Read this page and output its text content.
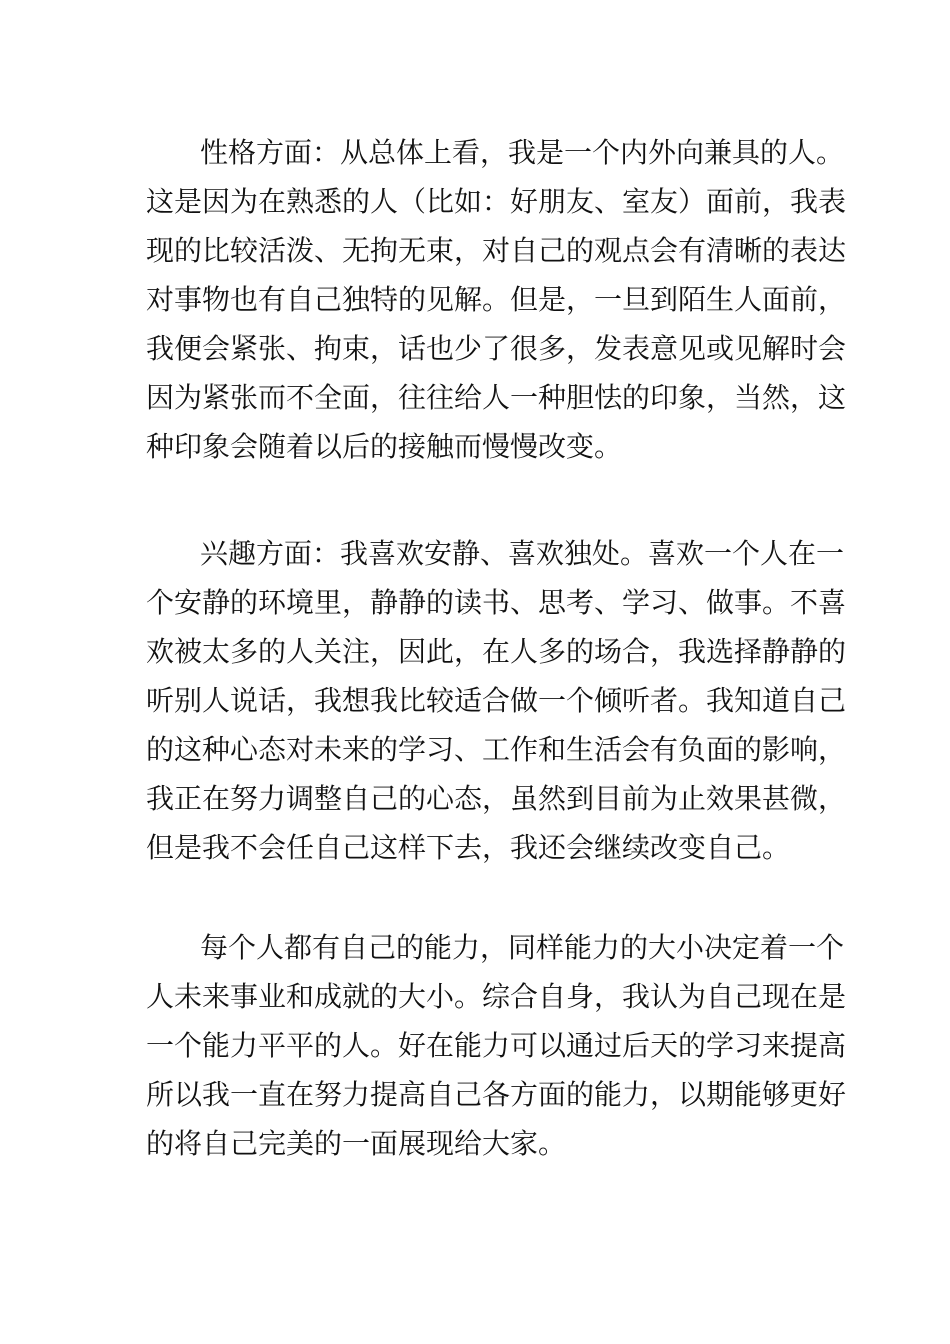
性格方面：从总体上看，我是一个内外向兼具的人。
这是因为在熟悉的人（比如：好朋友、室友）面前，我表
现的比较活泼、无拘无束，对自己的观点会有清晰的表达
对事物也有自己独特的见解。但是，一旦到陌生人面前，
我便会紧张、拘束，话也少了很多，发表意见或见解时会
因为紧张而不全面，往往给人一种胆怯的印象，当然，这
种印象会随着以后的接触而慢慢改变。
兴趣方面：我喜欢安静、喜欢独处。喜欢一个人在一
个安静的环境里，静静的读书、思考、学习、做事。不喜
欢被太多的人关注，因此，在人多的场合，我选择静静的
听别人说话，我想我比较适合做一个倾听者。我知道自己
的这种心态对未来的学习、工作和生活会有负面的影响，
我正在努力调整自己的心态，虽然到目前为止效果甚微，
但是我不会任自己这样下去，我还会继续改变自己。
每个人都有自己的能力，同样能力的大小决定着一个
人未来事业和成就的大小。综合自身，我认为自己现在是
一个能力平平的人。好在能力可以通过后天的学习来提高
所以我一直在努力提高自己各方面的能力，以期能够更好
的将自己完美的一面展现给大家。
